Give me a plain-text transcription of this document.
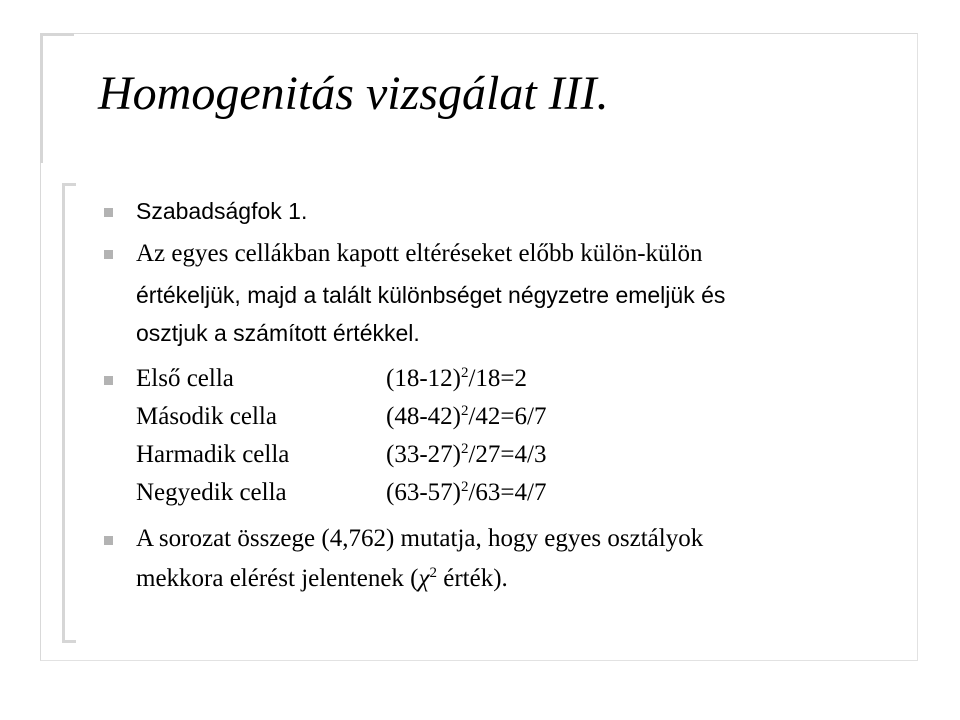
Homogenitás vizsgálat III.
Szabadságfok 1.
Az egyes cellákban kapott eltéréseket előbb külön-külön
értékeljük, majd a talált különbséget négyzetre emeljük és
osztjuk a számított értékkel.
Első cella	$(18-12)^2/18=2$
Második cella	$(48-42)^2/42=6/7$
Harmadik cella	$(33-27)^2/27=4/3$
Negyedik cella	$(63-57)^2/63=4/7$
A sorozat összege (4,762) mutatja, hogy egyes osztályok
mekkora elérést jelentenek ($\chi^2$ érték).
